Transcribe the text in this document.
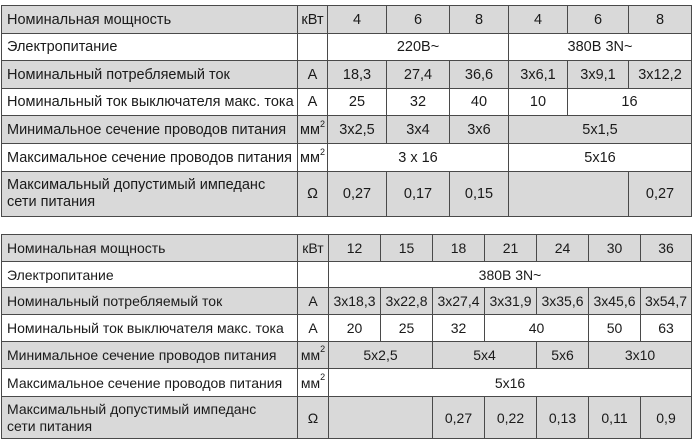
Номинальная мощность	кВт	4	6	8	4	6	8
Электропитание		220В~			380В 3N~		
Номинальный потребляемый ток	A	18,3	27,4	36,6	3x6,1	3x9,1	3x12,2
Номинальный ток выключателя макс. тока	A	25	32	40	10	16	
Минимальное сечение проводов питания	$мм^2$	3x2,5	3x4	3x6	5x1,5		
Максимальное сечение проводов питания	$мм^2$	3 x 16			5x16		
Максимальный допустимый импеданс
сети питания	Ω	0,27	0,17	0,15			0,27
Номинальная мощность	кВт	12	15	18	21	24	30	36
Электропитание		380В 3N~						
Номинальный потребляемый ток	A	3x18,3	3x22,8	3x27,4	3x31,9	3x35,6	3x45,6	3x54,7
Номинальный ток выключателя макс. тока	A	20	25	32	40		50	63
Минимальное сечение проводов питания	$мм^2$	5x2,5		5x4		5x6	3x10	
Максимальное сечение проводов питания	$мм^2$	5x16						
Максимальный допустимый импеданс
сети питания	Ω			0,27	0,22	0,13	0,11	0,9
